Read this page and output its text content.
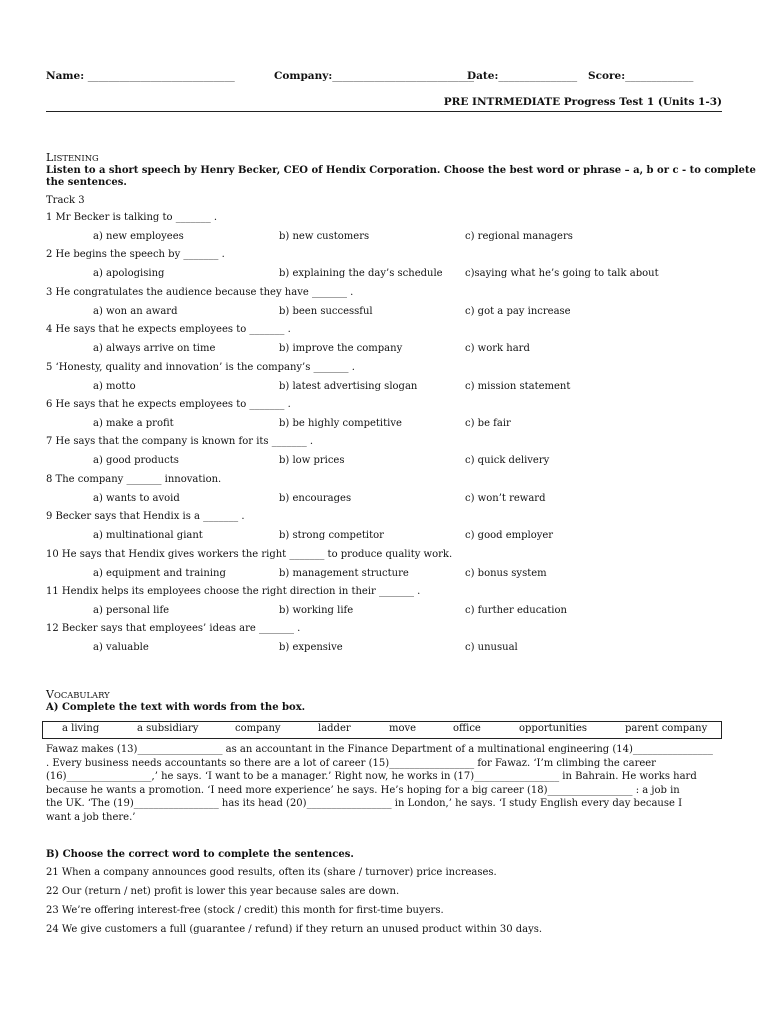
Name: ____________________________	Company:___________________________
Date:_______________ Score:_____________
PRE INTRMEDIATE Progress Test 1 (Units 1-3)
LISTENING
Listen to a short speech by Henry Becker, CEO of Hendix Corporation. Choose the best word or phrase – a, b or c - to complete
the sentences.
Track 3
1 Mr Becker is talking to _______ .
a) new employees	b) new customers	c) regional managers
2 He begins the speech by _______ .
a) apologising	b) explaining the day’s schedule c)saying what he’s going to talk about
3 He congratulates the audience because they have _______ .
a) won an award	b) been successful	c) got a pay increase
4 He says that he expects employees to _______ .
a) always arrive on time	b) improve the company	c) work hard
5 ‘Honesty, quality and innovation’ is the company’s _______ .
a) motto	b) latest advertising slogan	c) mission statement
6 He says that he expects employees to _______ .
a) make a profit	b) be highly competitive	c) be fair
7 He says that the company is known for its _______ .
a) good products	b) low prices	c) quick delivery
8 The company _______ innovation.
a) wants to avoid	b) encourages	c) won’t reward
9 Becker says that Hendix is a _______ .
a) multinational giant	b) strong competitor	c) good employer
10 He says that Hendix gives workers the right _______ to produce quality work.
a) equipment and training	b) management structure	c) bonus system
11 Hendix helps its employees choose the right direction in their _______ .
a) personal life	b) working life	c) further education
12 Becker says that employees’ ideas are _______ .
a) valuable	b) expensive	c) unusual
VOCABULARY
A) Complete the text with words from the box.
a living	a subsidiary	company	ladder	move	office	opportunities	parent company
Fawaz makes (13)_________________ as an accountant in the Finance Department of a multinational engineering (14)________________
. Every business needs accountants so there are a lot of career (15)_________________ for Fawaz. ‘I’m climbing the career
(16)_________________,’ he says. ‘I want to be a manager.’ Right now, he works in (17)_________________ in Bahrain. He works hard
because he wants a promotion. ‘I need more experience’ he says. He’s hoping for a big career (18)_________________ : a job in
the UK. ‘The (19)_________________ has its head (20)_________________ in London,’ he says. ‘I study English every day because I
want a job there.’
B) Choose the correct word to complete the sentences.
21 When a company announces good results, often its (share / turnover) price increases.
22 Our (return / net) profit is lower this year because sales are down.
23 We’re offering interest-free (stock / credit) this month for first-time buyers.
24 We give customers a full (guarantee / refund) if they return an unused product within 30 days.
